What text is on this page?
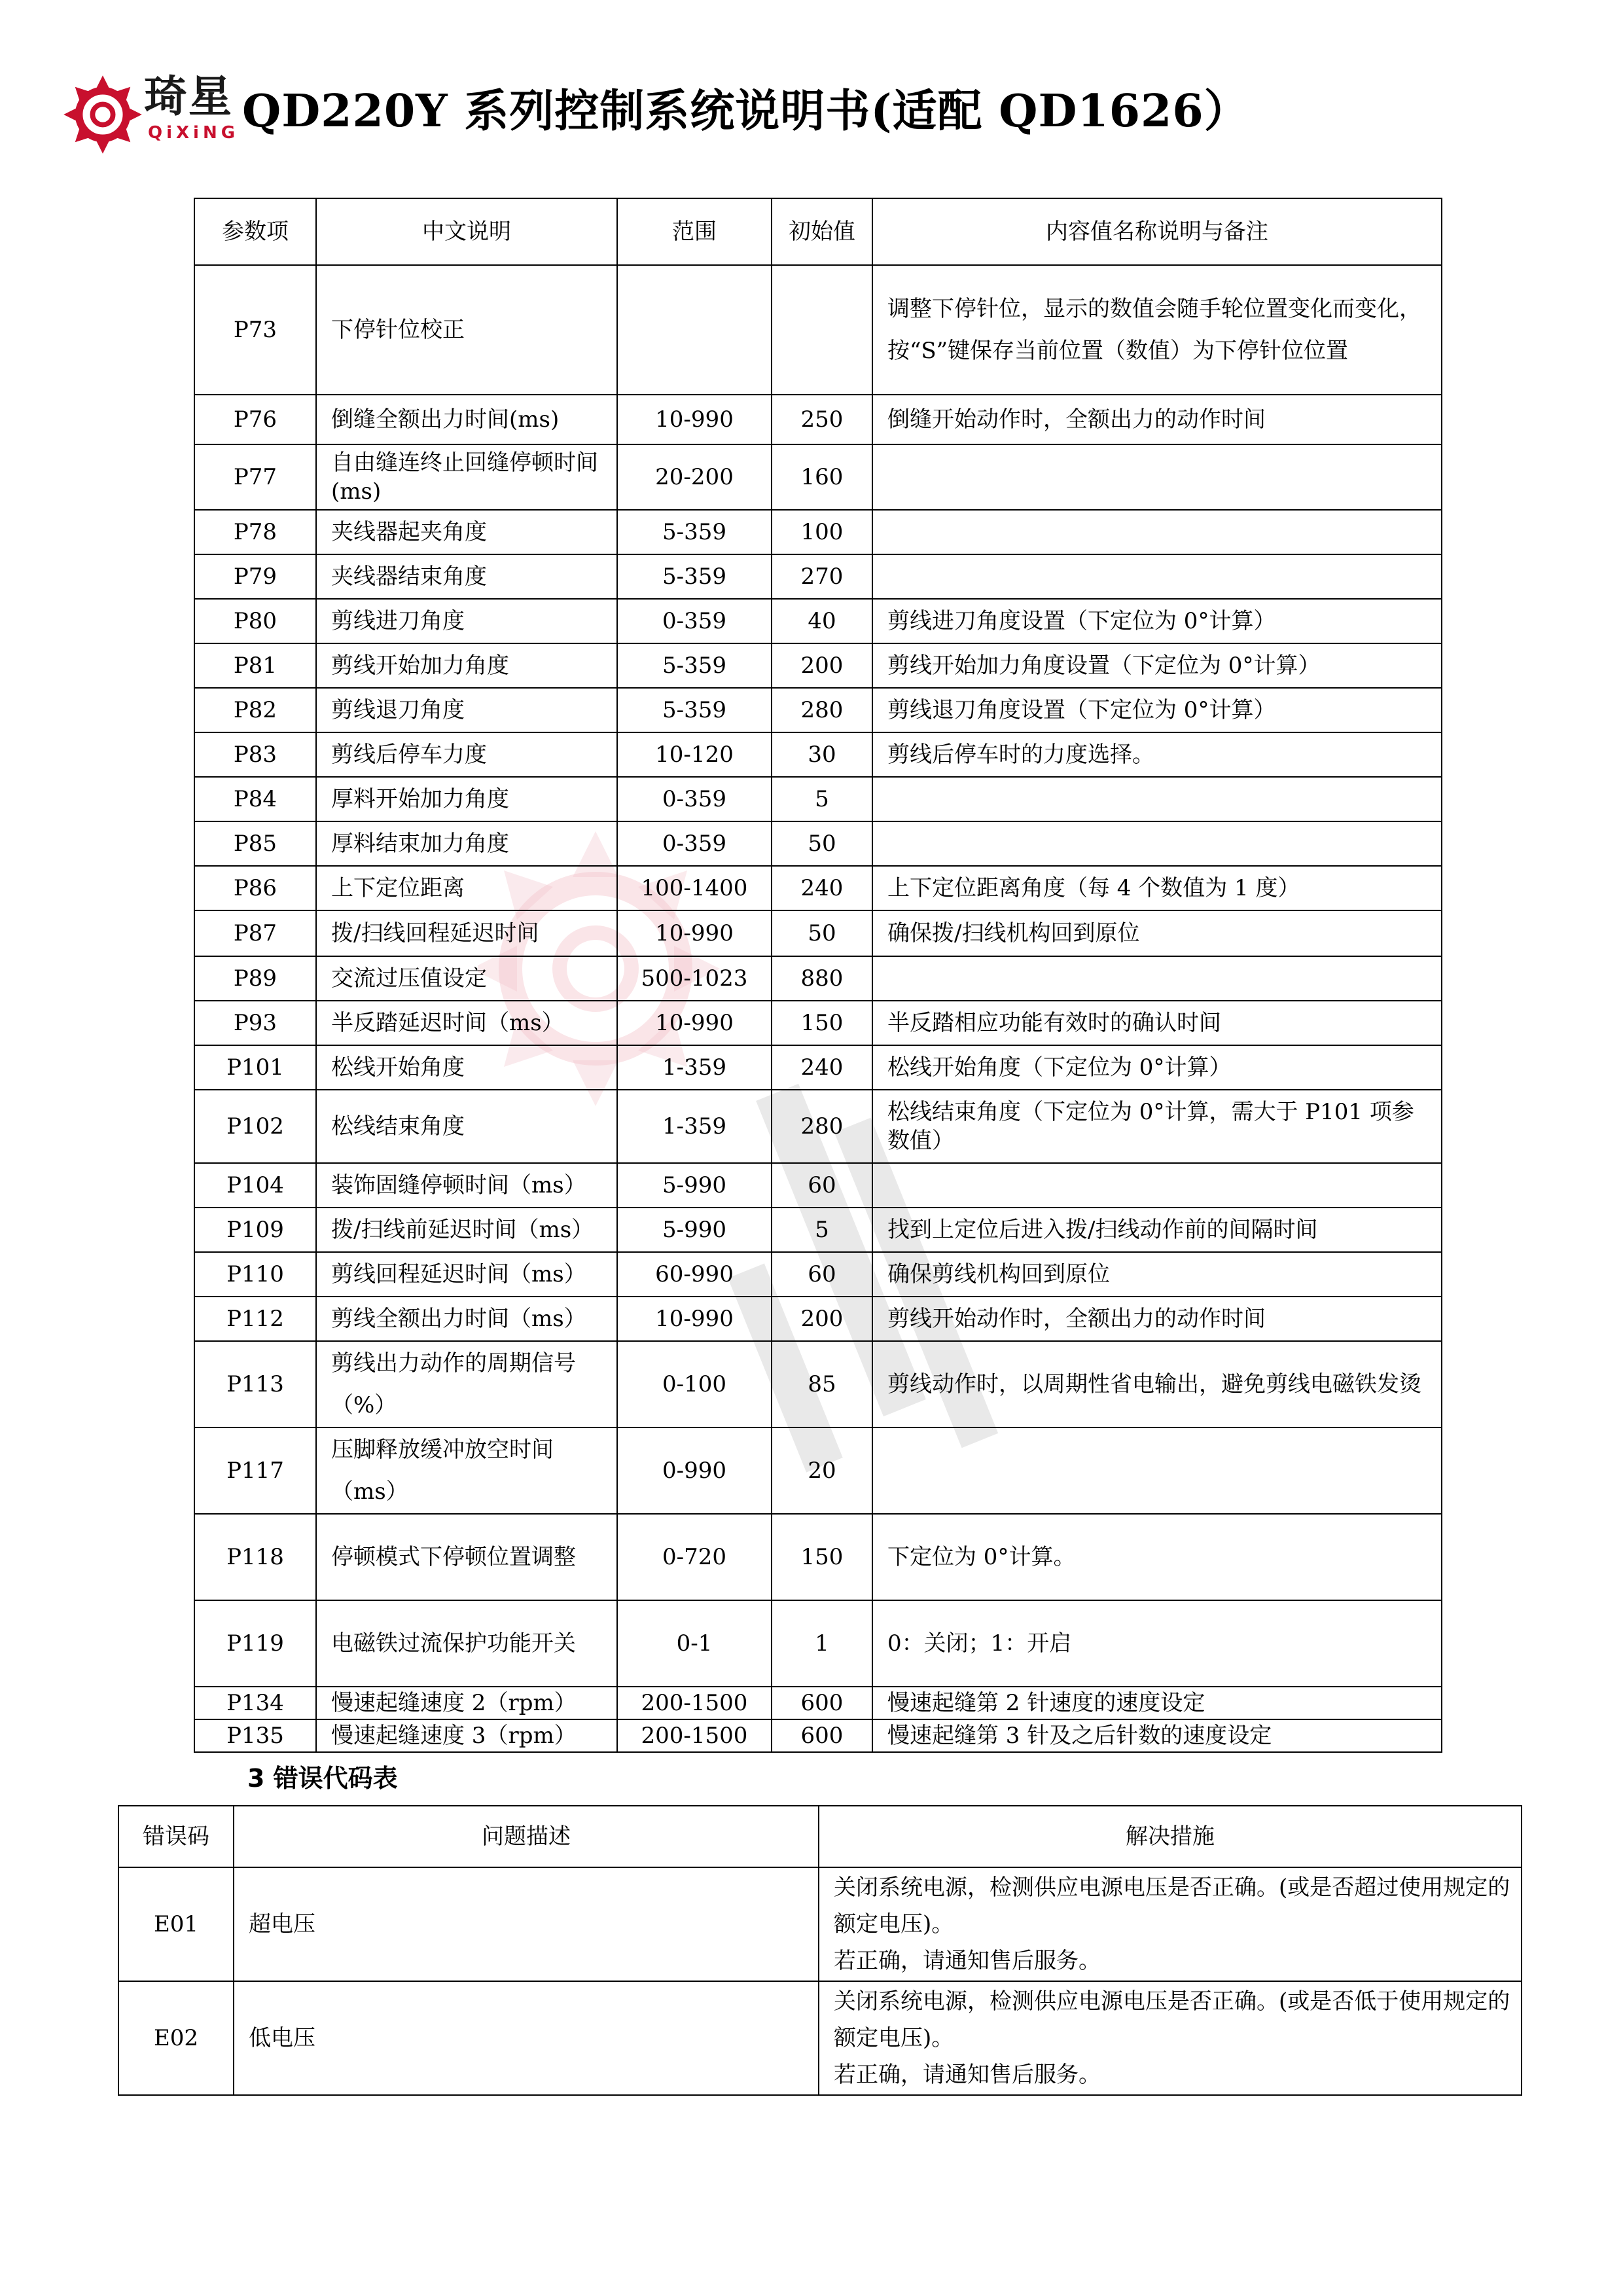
琦星
QiXiNG QD220Y 系列控制系统说明书(适配 QD1626）
参数项	中文说明	范围	初始值	内容值名称说明与备注
P73	下停针位校正			调整下停针位，显示的数值会随手轮位置变化而变化，按“S”键保存当前位置（数值）为下停针位位置
P76	倒缝全额出力时间(ms)	10-990	250	倒缝开始动作时，全额出力的动作时间
P77	自由缝连终止回缝停顿时间(ms)	20-200	160	
P78	夹线器起夹角度	5-359	100	
P79	夹线器结束角度	5-359	270	
P80	剪线进刀角度	0-359	40	剪线进刀角度设置（下定位为 0°计算）
P81	剪线开始加力角度	5-359	200	剪线开始加力角度设置（下定位为 0°计算）
P82	剪线退刀角度	5-359	280	剪线退刀角度设置（下定位为 0°计算）
P83	剪线后停车力度	10-120	30	剪线后停车时的力度选择。
P84	厚料开始加力角度	0-359	5	
P85	厚料结束加力角度	0-359	50	
P86	上下定位距离	100-1400	240	上下定位距离角度（每 4 个数值为 1 度）
P87	拨/扫线回程延迟时间	10-990	50	确保拨/扫线机构回到原位
P89	交流过压值设定	500-1023	880	
P93	半反踏延迟时间（ms）	10-990	150	半反踏相应功能有效时的确认时间
P101	松线开始角度	1-359	240	松线开始角度（下定位为 0°计算）
P102	松线结束角度	1-359	280	松线结束角度（下定位为 0°计算，需大于 P101 项参数值）
P104	装饰固缝停顿时间（ms）	5-990	60	
P109	拨/扫线前延迟时间（ms）	5-990	5	找到上定位后进入拨/扫线动作前的间隔时间
P110	剪线回程延迟时间（ms）	60-990	60	确保剪线机构回到原位
P112	剪线全额出力时间（ms）	10-990	200	剪线开始动作时，全额出力的动作时间
P113	剪线出力动作的周期信号（%）	0-100	85	剪线动作时，以周期性省电输出，避免剪线电磁铁发烫
P117	压脚释放缓冲放空时间（ms）	0-990	20	
P118	停顿模式下停顿位置调整	0-720	150	下定位为 0°计算。
P119	电磁铁过流保护功能开关	0-1	1	0：关闭；1：开启
P134	慢速起缝速度 2（rpm）	200-1500	600	慢速起缝第 2 针速度的速度设定
P135	慢速起缝速度 3（rpm）	200-1500	600	慢速起缝第 3 针及之后针数的速度设定
3 错误代码表
错误码	问题描述	解决措施
E01	超电压	关闭系统电源，检测供应电源电压是否正确。(或是否超过使用规定的额定电压)。
若正确，请通知售后服务。

E02	低电压	关闭系统电源，检测供应电源电压是否正确。(或是否低于使用规定的额定电压)。
若正确，请通知售后服务。
